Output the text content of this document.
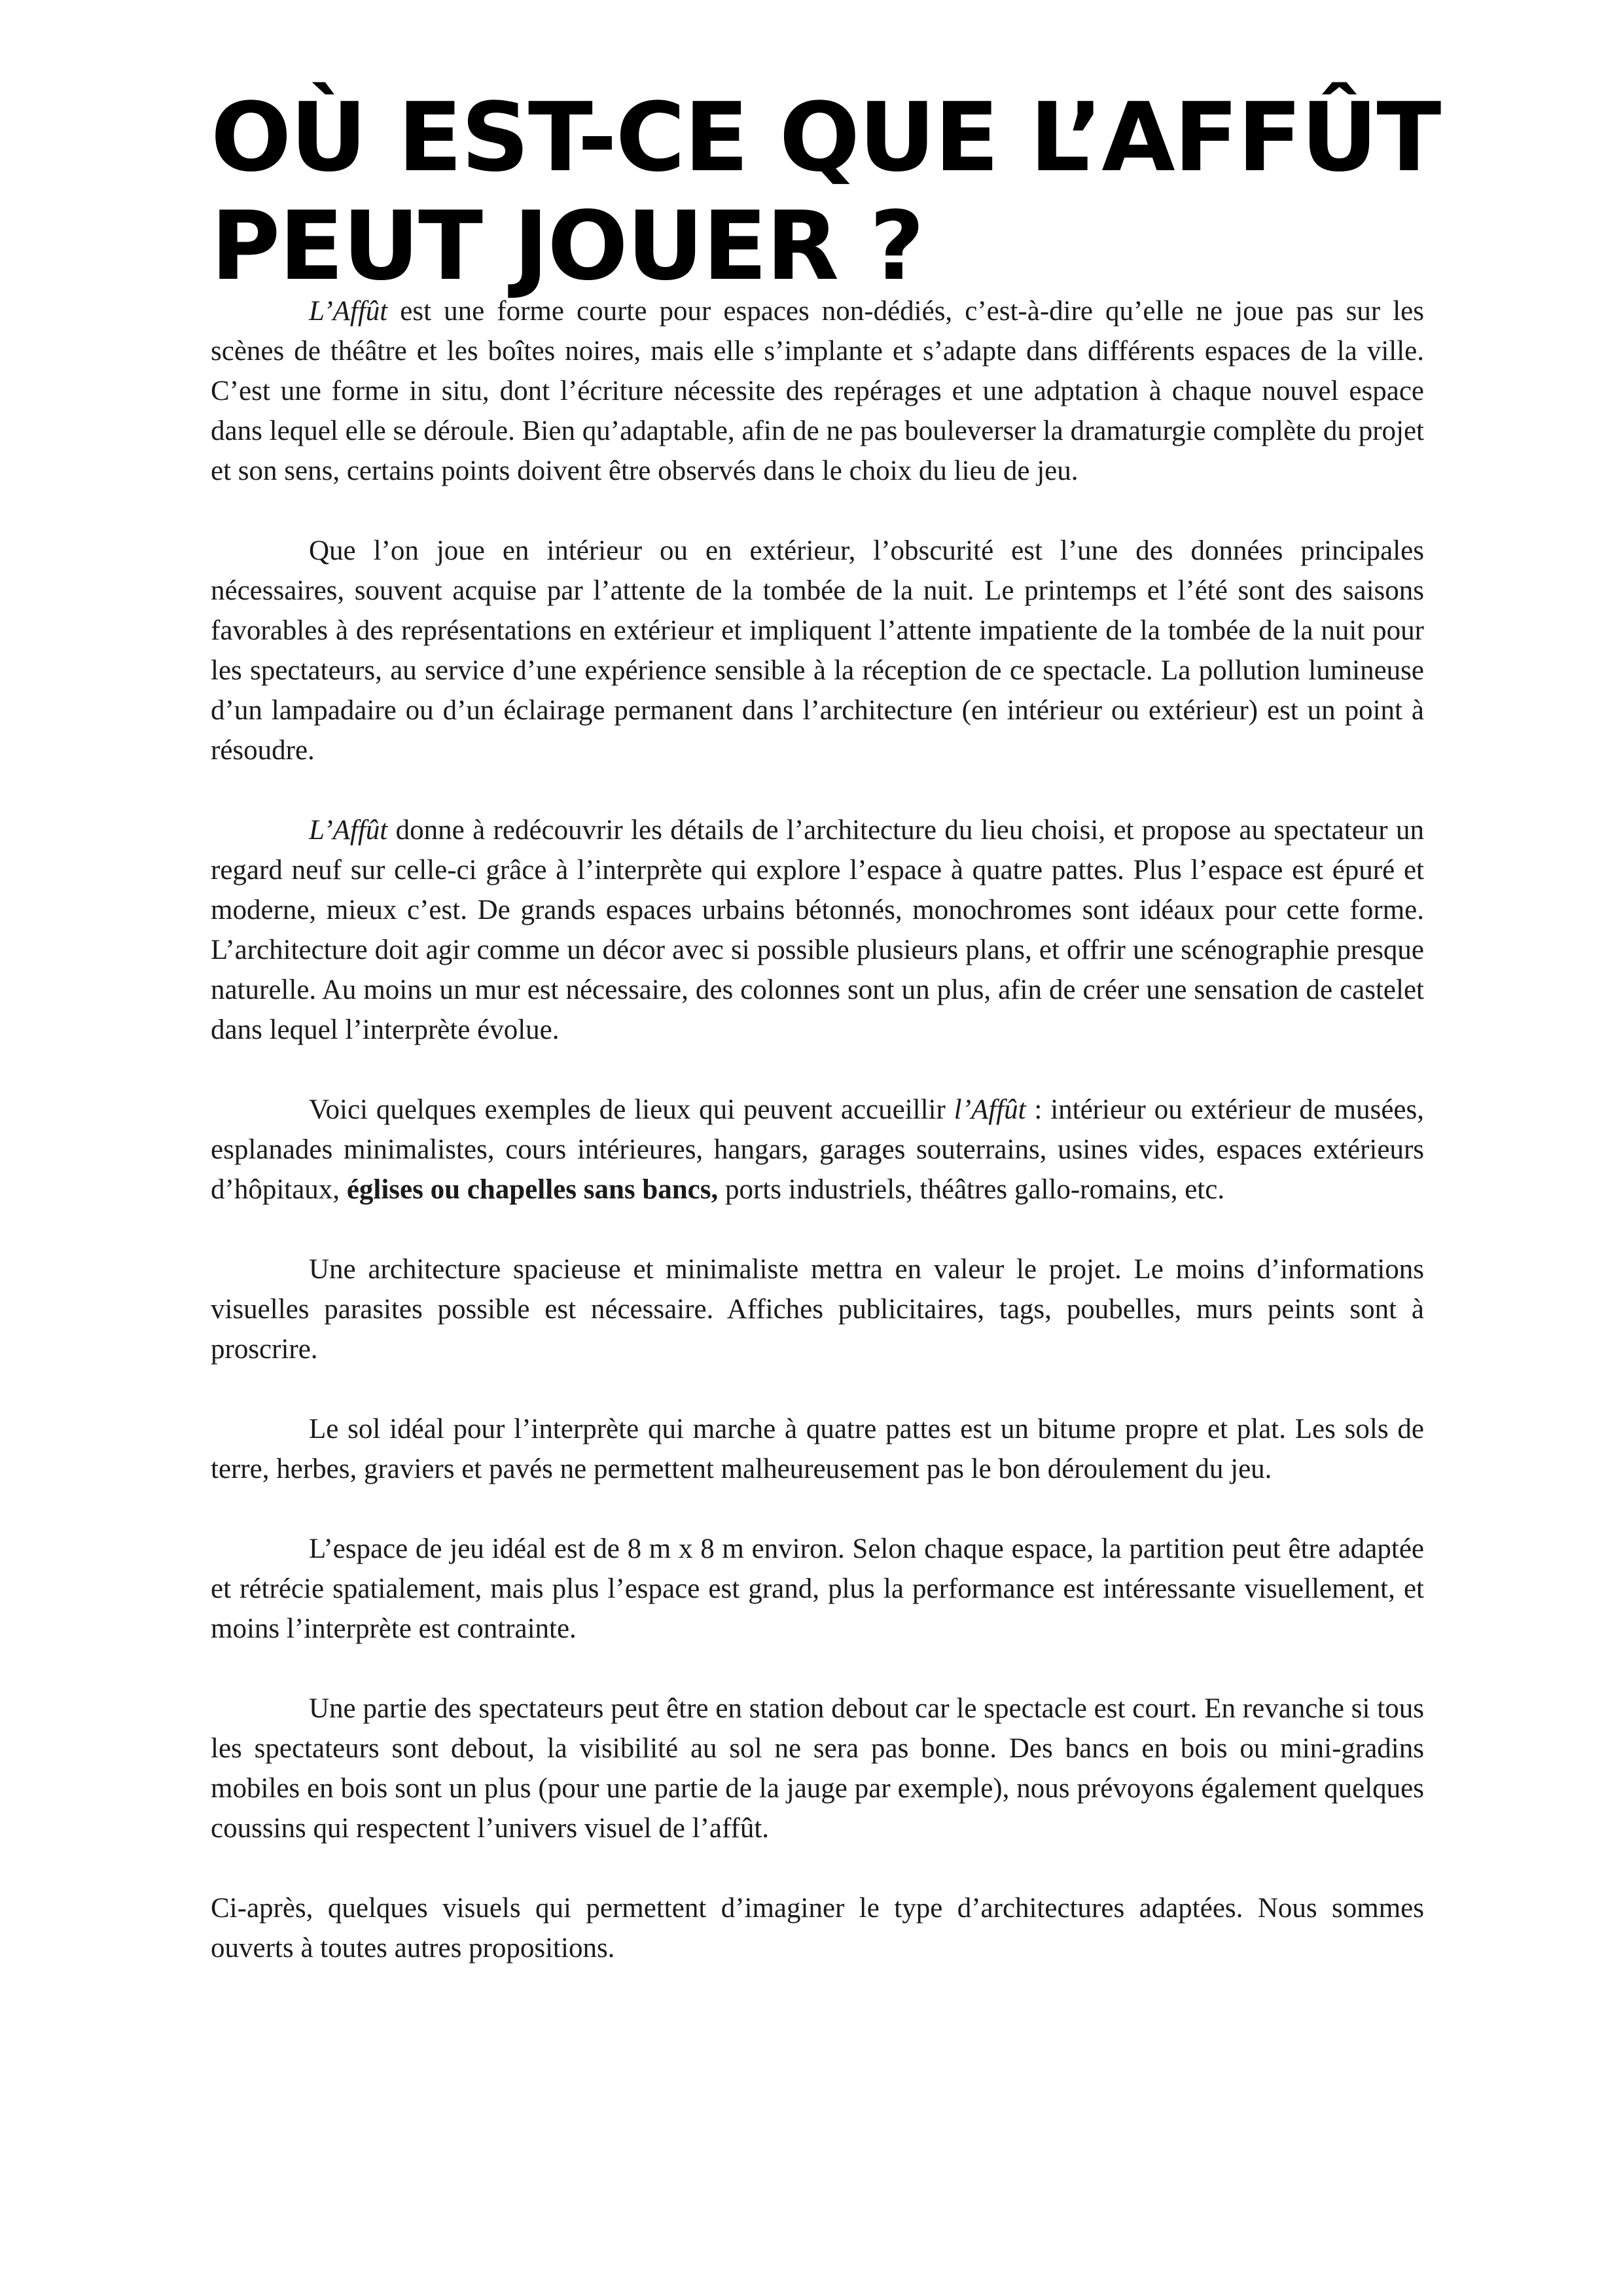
OÙ EST-CE QUE L’AFFÛT
PEUT JOUER ?

L’Affût est une forme courte pour espaces non-dédiés, c’est-à-dire qu’elle ne joue pas sur les scènes de théâtre et les boîtes noires, mais elle s’implante et s’adapte dans différents espaces de la ville. C’est une forme in situ, dont l’écriture nécessite des repérages et une adptation à chaque nouvel espace dans lequel elle se déroule. Bien qu’adaptable, afin de ne pas bouleverser la dramaturgie complète du projet et son sens, certains points doivent être observés dans le choix du lieu de jeu.

Que l’on joue en intérieur ou en extérieur, l’obscurité est l’une des données principales nécessaires, souvent acquise par l’attente de la tombée de la nuit. Le printemps et l’été sont des saisons favorables à des représentations en extérieur et impliquent l’attente impatiente de la tombée de la nuit pour les spectateurs, au service d’une expérience sensible à la réception de ce spectacle. La pollution lumineuse d’un lampadaire ou d’un éclairage permanent dans l’architecture (en intérieur ou extérieur) est un point à résoudre.

L’Affût donne à redécouvrir les détails de l’architecture du lieu choisi, et propose au spectateur un regard neuf sur celle-ci grâce à l’interprète qui explore l’espace à quatre pattes. Plus l’espace est épuré et moderne, mieux c’est. De grands espaces urbains bétonnés, monochromes sont idéaux pour cette forme. L’architecture doit agir comme un décor avec si possible plusieurs plans, et offrir une scénographie presque naturelle. Au moins un mur est nécessaire, des colonnes sont un plus, afin de créer une sensation de castelet dans lequel l’interprète évolue.

Voici quelques exemples de lieux qui peuvent accueillir l’Affût : intérieur ou extérieur de musées, esplanades minimalistes, cours intérieures, hangars, garages souterrains, usines vides, espaces extérieurs d’hôpitaux, églises ou chapelles sans bancs, ports industriels, théâtres gallo-romains, etc.

Une architecture spacieuse et minimaliste mettra en valeur le projet. Le moins d’informations visuelles parasites possible est nécessaire. Affiches publicitaires, tags, poubelles, murs peints sont à proscrire.

Le sol idéal pour l’interprète qui marche à quatre pattes est un bitume propre et plat. Les sols de terre, herbes, graviers et pavés ne permettent malheureusement pas le bon déroulement du jeu.

L’espace de jeu idéal est de 8 m x 8 m environ. Selon chaque espace, la partition peut être adaptée et rétrécie spatialement, mais plus l’espace est grand, plus la performance est intéressante visuellement, et moins l’interprète est contrainte.

Une partie des spectateurs peut être en station debout car le spectacle est court. En revanche si tous les spectateurs sont debout, la visibilité au sol ne sera pas bonne. Des bancs en bois ou mini-gradins mobiles en bois sont un plus (pour une partie de la jauge par exemple), nous prévoyons également quelques coussins qui respectent l’univers visuel de l’affût.

Ci-après, quelques visuels qui permettent d’imaginer le type d’architectures adaptées. Nous sommes ouverts à toutes autres propositions.
